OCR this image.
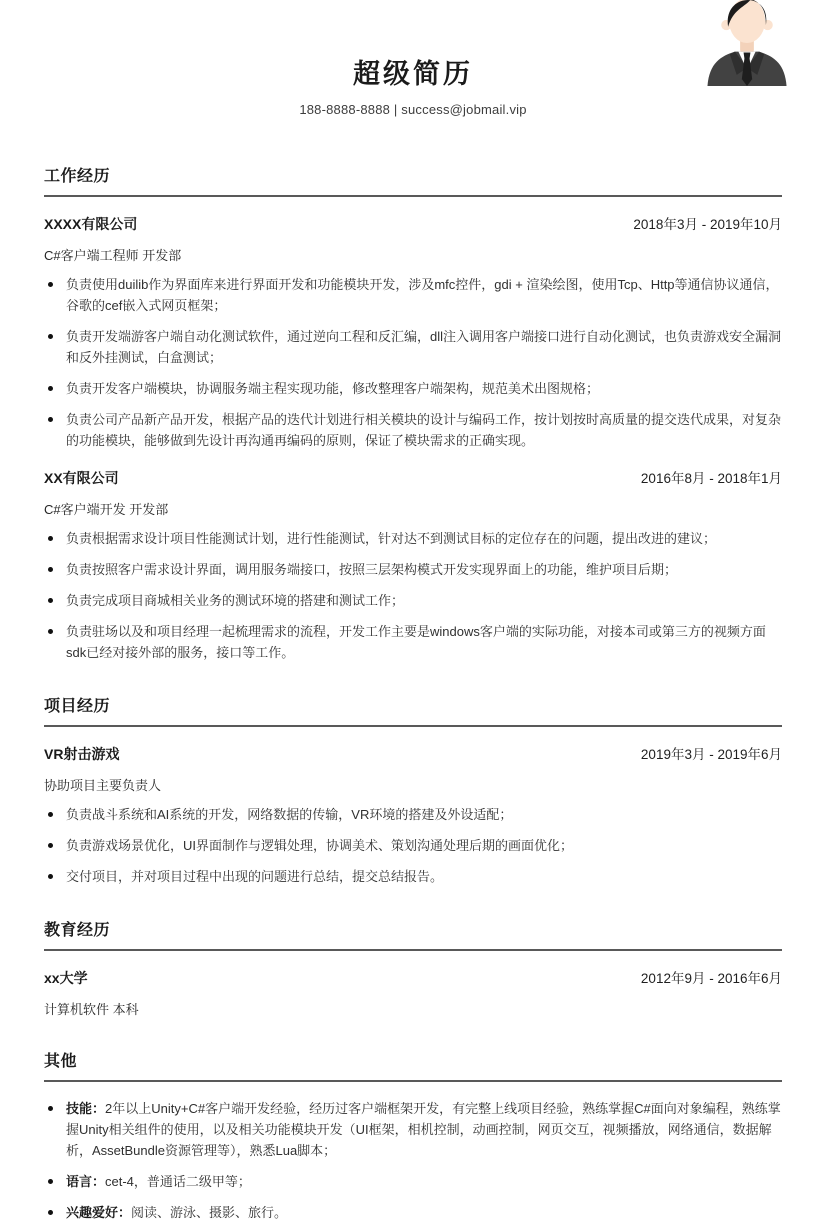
超级简历
188-8888-8888 | success@jobmail.vip
工作经历
XXXX有限公司	2018年3月 - 2019年10月
C#客户端工程师 开发部
负责使用duilib作为界面库来进行界面开发和功能模块开发，涉及mfc控件，gdi + 渲染绘图，使用Tcp、Http等通信协议通信，谷歌的cef嵌入式网页框架；
负责开发端游客户端自动化测试软件，通过逆向工程和反汇编，dll注入调用客户端接口进行自动化测试，也负责游戏安全漏洞和反外挂测试，白盒测试；
负责开发客户端模块，协调服务端主程实现功能，修改整理客户端架构，规范美术出图规格；
负责公司产品新产品开发，根据产品的迭代计划进行相关模块的设计与编码工作，按计划按时高质量的提交迭代成果，对复杂的功能模块，能够做到先设计再沟通再编码的原则，保证了模块需求的正确实现。
XX有限公司	2016年8月 - 2018年1月
C#客户端开发 开发部
负责根据需求设计项目性能测试计划，进行性能测试，针对达不到测试目标的定位存在的问题，提出改进的建议；
负责按照客户需求设计界面，调用服务端接口，按照三层架构模式开发实现界面上的功能，维护项目后期；
负责完成项目商城相关业务的测试环境的搭建和测试工作；
负责驻场以及和项目经理一起梳理需求的流程，开发工作主要是windows客户端的实际功能，对接本司或第三方的视频方面sdk已经对接外部的服务，接口等工作。
项目经历
VR射击游戏	2019年3月 - 2019年6月
协助项目主要负责人
负责战斗系统和AI系统的开发，网络数据的传输，VR环境的搭建及外设适配；
负责游戏场景优化，UI界面制作与逻辑处理，协调美术、策划沟通处理后期的画面优化；
交付项目，并对项目过程中出现的问题进行总结，提交总结报告。
教育经历
xx大学	2012年9月 - 2016年6月
计算机软件 本科
其他
技能：2年以上Unity+C#客户端开发经验，经历过客户端框架开发，有完整上线项目经验，熟练掌握C#面向对象编程，熟练掌握Unity相关组件的使用，以及相关功能模块开发（UI框架，相机控制，动画控制，网页交互，视频播放，网络通信，数据解析，AssetBundle资源管理等），熟悉Lua脚本；
语言：cet-4，普通话二级甲等；
兴趣爱好：阅读、游泳、摄影、旅行。
